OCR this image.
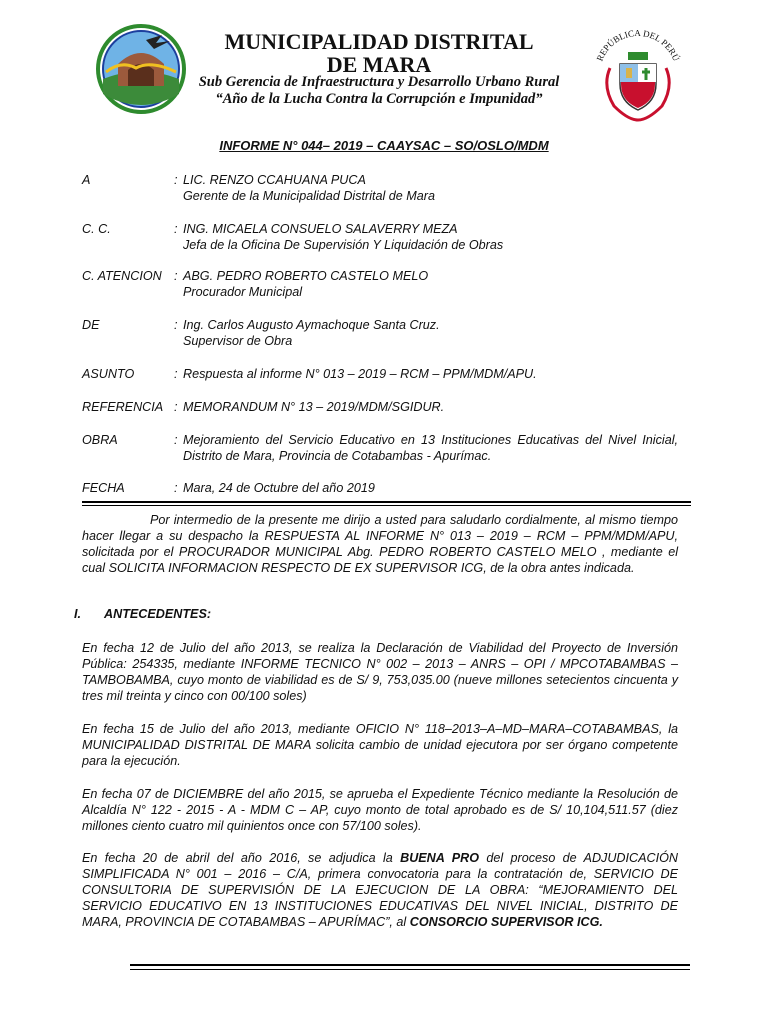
REPÚBLICA DEL PERÚ
MUNICIPALIDAD DISTRITAL
DE MARA
Sub Gerencia de Infraestructura y Desarrollo Urbano Rural
“Año de la Lucha Contra la Corrupción e Impunidad”
INFORME N° 044– 2019 – CAAYSAC – SO/OSLO/MDM
A	: LIC. RENZO CCAHUANA PUCA
Gerente de la Municipalidad Distrital de Mara
C. C.	: ING. MICAELA CONSUELO SALAVERRY MEZA
Jefa de la Oficina De Supervisión Y Liquidación de Obras
C. ATENCION : ABG. PEDRO ROBERTO CASTELO MELO
Procurador Municipal
DE	: Ing. Carlos Augusto Aymachoque Santa Cruz.
Supervisor de Obra
ASUNTO	: Respuesta al informe N° 013 – 2019 – RCM – PPM/MDM/APU.
REFERENCIA : MEMORANDUM N° 13 – 2019/MDM/SGIDUR.
OBRA	: Mejoramiento del Servicio Educativo en 13 Instituciones Educativas del Nivel Inicial, Distrito de Mara, Provincia de Cotabambas - Apurímac.
FECHA	: Mara, 24 de Octubre del año 2019
Por intermedio de la presente me dirijo a usted para saludarlo cordialmente, al mismo tiempo hacer llegar a su despacho la RESPUESTA AL INFORME N° 013 – 2019 – RCM – PPM/MDM/APU, solicitada por el PROCURADOR MUNICIPAL Abg. PEDRO ROBERTO CASTELO MELO , mediante el cual SOLICITA INFORMACION RESPECTO DE EX SUPERVISOR ICG, de la obra antes indicada.
I. ANTECEDENTES:
En fecha 12 de Julio del año 2013, se realiza la Declaración de Viabilidad del Proyecto de Inversión Pública: 254335, mediante INFORME TECNICO N° 002 – 2013 – ANRS – OPI / MPCOTABAMBAS – TAMBOBAMBA, cuyo monto de viabilidad es de S/ 9, 753,035.00 (nueve millones setecientos cincuenta y tres mil treinta y cinco con 00/100 soles)
En fecha 15 de Julio del año 2013, mediante OFICIO N° 118–2013–A–MD–MARA–COTABAMBAS, la MUNICIPALIDAD DISTRITAL DE MARA solicita cambio de unidad ejecutora por ser órgano competente para la ejecución.
En fecha 07 de DICIEMBRE del año 2015, se aprueba el Expediente Técnico mediante la Resolución de Alcaldía N° 122 - 2015 - A - MDM C – AP, cuyo monto de total aprobado es de S/ 10,104,511.57 (diez millones ciento cuatro mil quinientos once con 57/100 soles).
En fecha 20 de abril del año 2016, se adjudica la BUENA PRO del proceso de ADJUDICACIÓN SIMPLIFICADA N° 001 – 2016 – C/A, primera convocatoria para la contratación de, SERVICIO DE CONSULTORIA DE SUPERVISIÓN DE LA EJECUCION DE LA OBRA: “MEJORAMIENTO DEL SERVICIO EDUCATIVO EN 13 INSTITUCIONES EDUCATIVAS DEL NIVEL INICIAL, DISTRITO DE MARA, PROVINCIA DE COTABAMBAS – APURÍMAC”, al CONSORCIO SUPERVISOR ICG.
